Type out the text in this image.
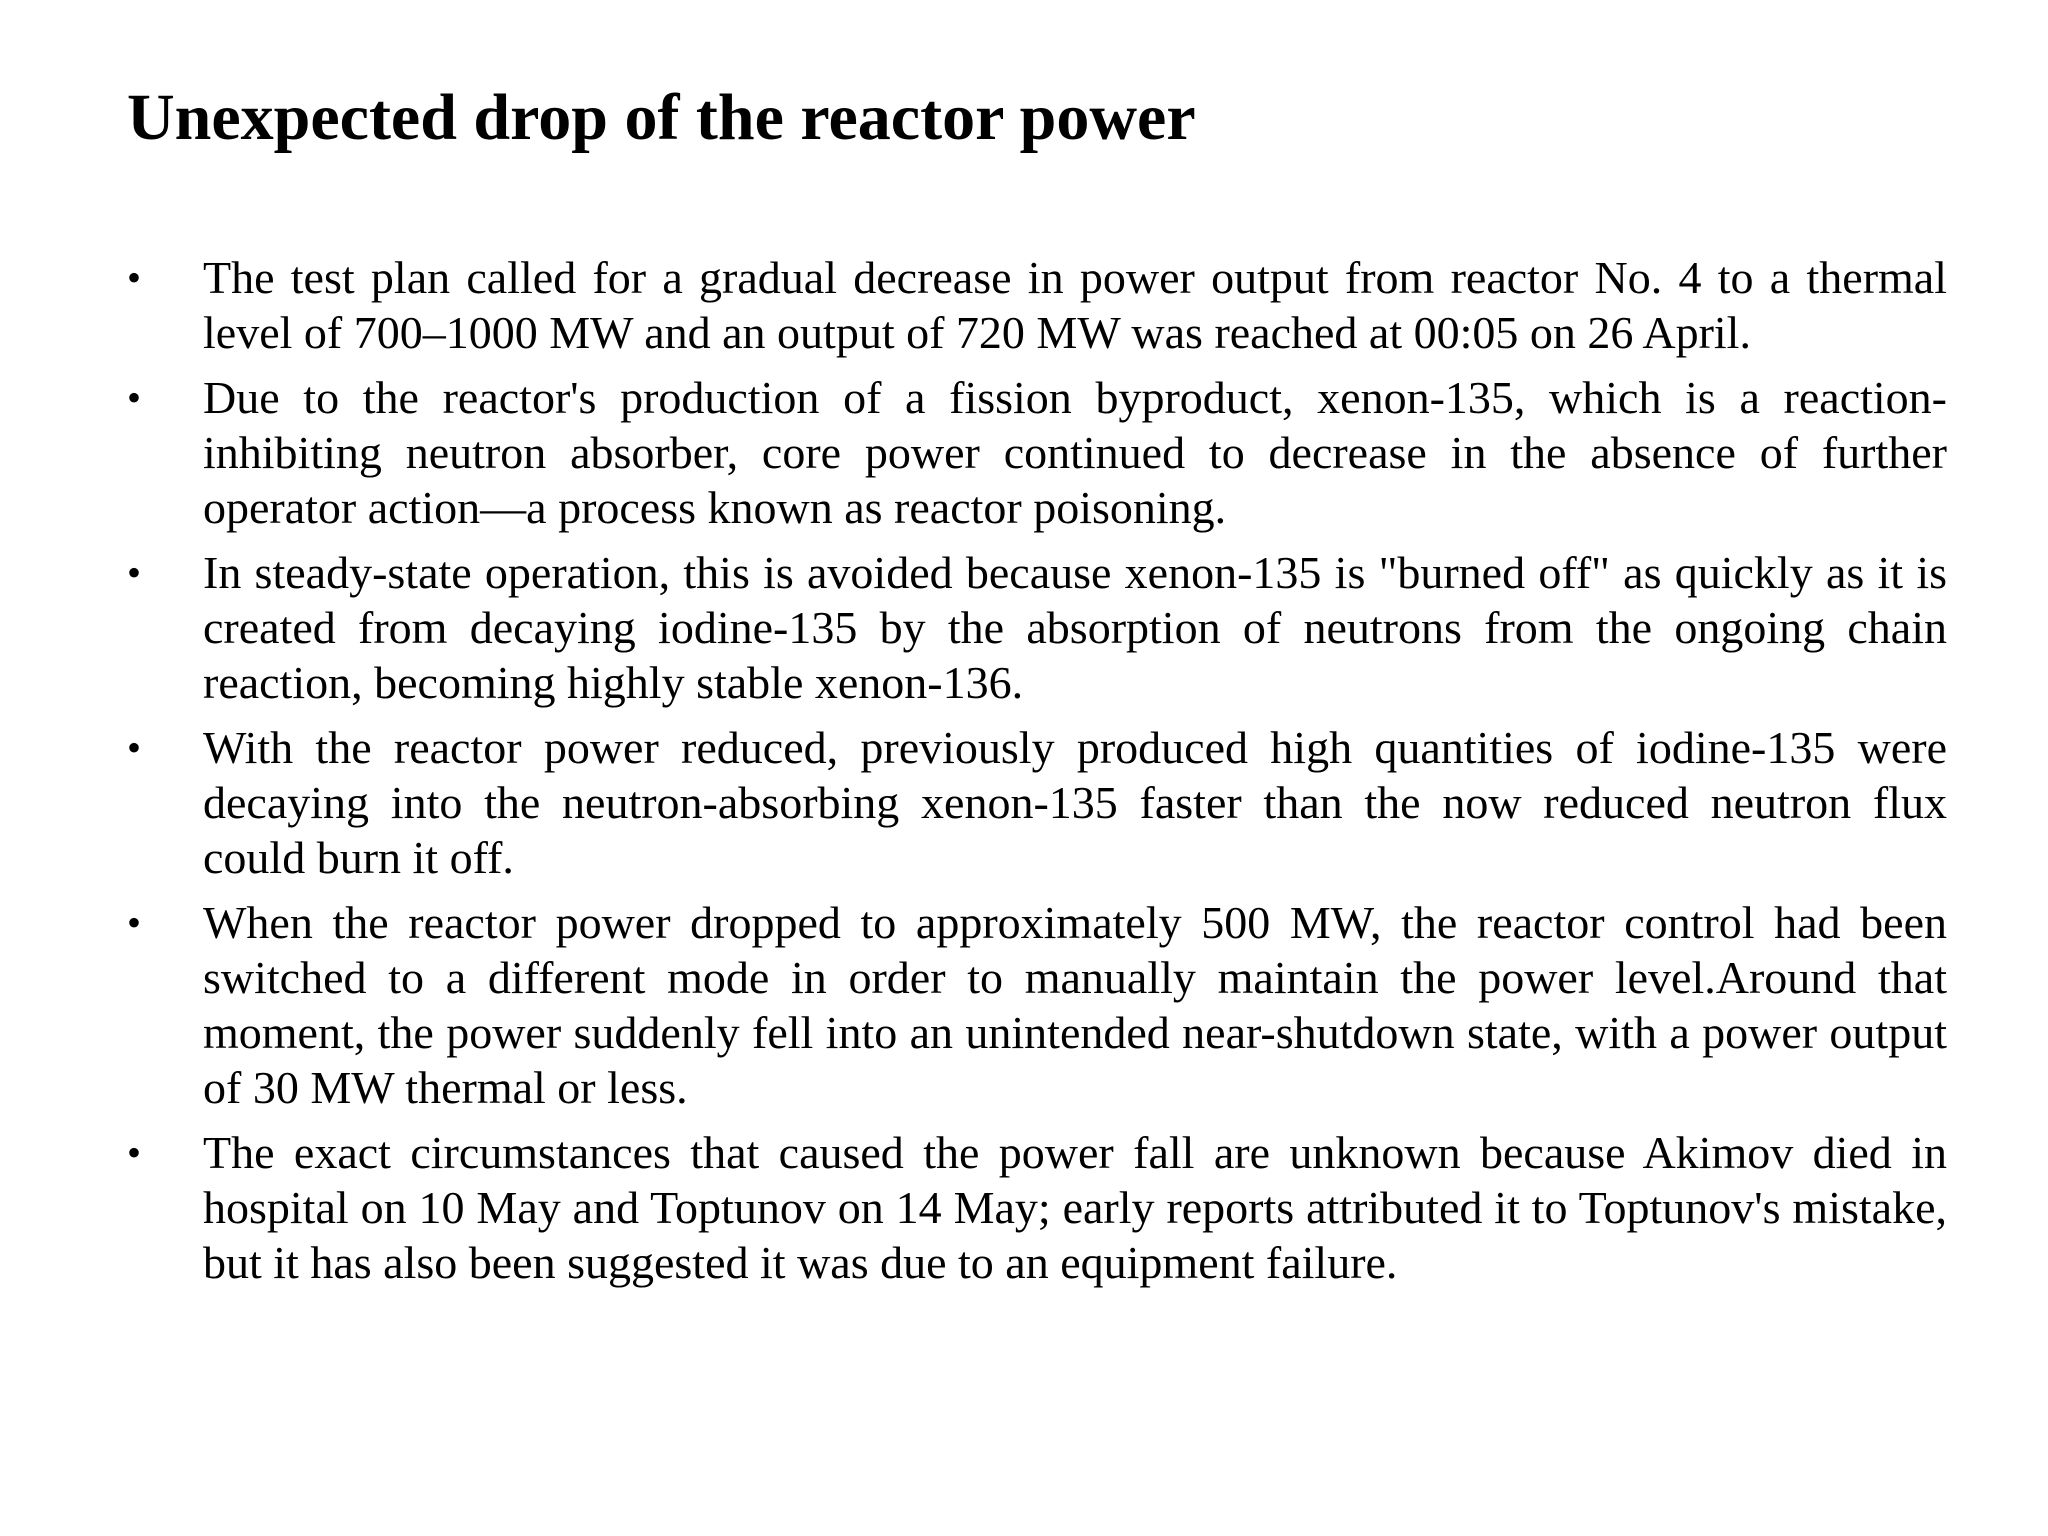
Unexpected drop of the reactor power
•	The test plan called for a gradual decrease in power output from reactor No. 4 to a thermal level of 700–1000 MW and an output of 720 MW was reached at 00:05 on 26 April.
•	Due to the reactor's production of a fission byproduct, xenon-135, which is a reaction-inhibiting neutron absorber, core power continued to decrease in the absence of further operator action—a process known as reactor poisoning.
•	In steady-state operation, this is avoided because xenon-135 is "burned off" as quickly as it is created from decaying iodine-135 by the absorption of neutrons from the ongoing chain reaction, becoming highly stable xenon-136.
•	With the reactor power reduced, previously produced high quantities of iodine-135 were decaying into the neutron-absorbing xenon-135 faster than the now reduced neutron flux could burn it off.
•	When the reactor power dropped to approximately 500 MW, the reactor control had been switched to a different mode in order to manually maintain the power level.Around that moment, the power suddenly fell into an unintended near-shutdown state, with a power output of 30 MW thermal or less.
•	The exact circumstances that caused the power fall are unknown because Akimov died in hospital on 10 May and Toptunov on 14 May; early reports attributed it to Toptunov's mistake, but it has also been suggested it was due to an equipment failure.
